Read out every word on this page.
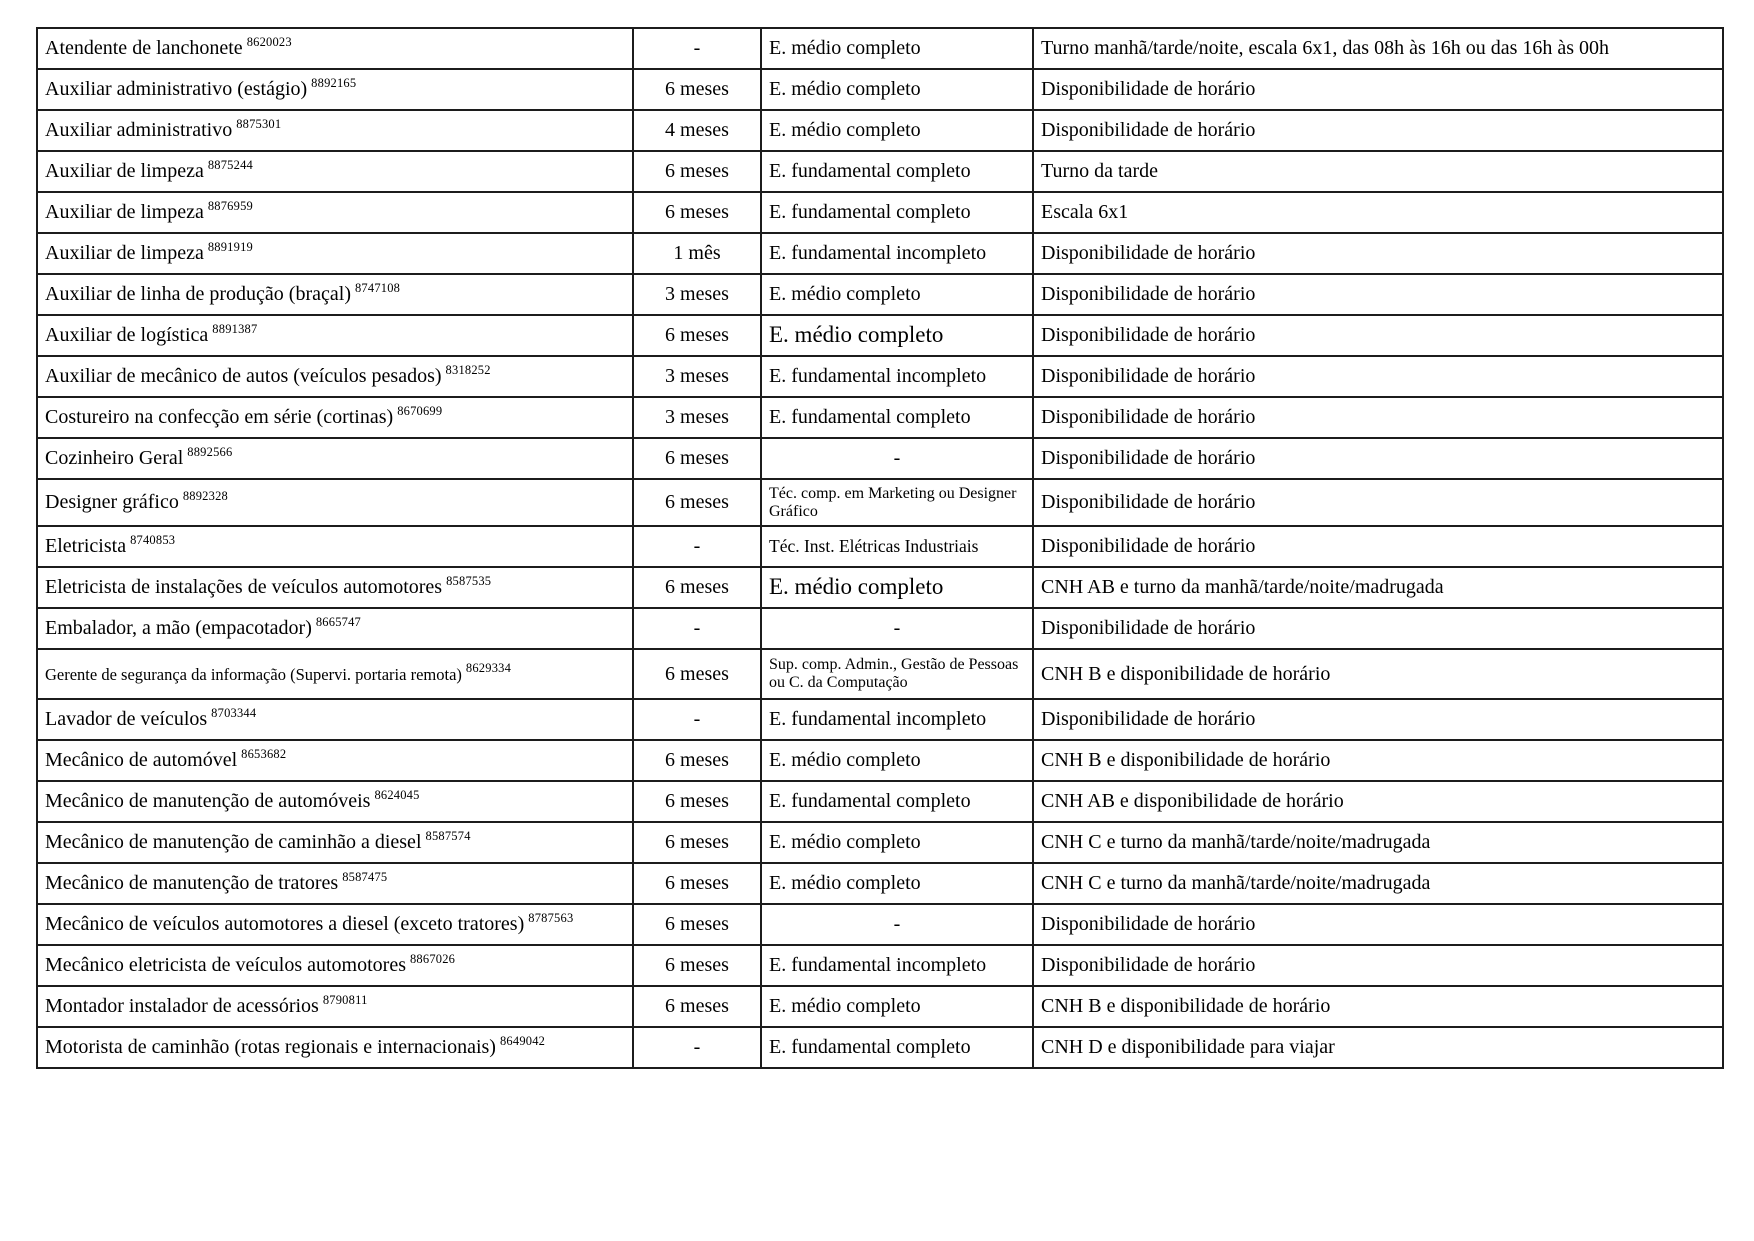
Atendente de lanchonete $^{8620023}$	-	E. médio completo	Turno manhã/tarde/noite, escala 6x1, das 08h às 16h ou das 16h às 00h
Auxiliar administrativo (estágio) $^{8892165}$	6 meses	E. médio completo	Disponibilidade de horário
Auxiliar administrativo $^{8875301}$	4 meses	E. médio completo	Disponibilidade de horário
Auxiliar de limpeza $^{8875244}$	6 meses	E. fundamental completo	Turno da tarde
Auxiliar de limpeza $^{8876959}$	6 meses	E. fundamental completo	Escala 6x1
Auxiliar de limpeza $^{8891919}$	1 mês	E. fundamental incompleto	Disponibilidade de horário
Auxiliar de linha de produção (braçal) $^{8747108}$	3 meses	E. médio completo	Disponibilidade de horário
Auxiliar de logística $^{8891387}$	6 meses	E. médio completo	Disponibilidade de horário
Auxiliar de mecânico de autos (veículos pesados) $^{8318252}$	3 meses	E. fundamental incompleto	Disponibilidade de horário
Costureiro na confecção em série (cortinas) $^{8670699}$	3 meses	E. fundamental completo	Disponibilidade de horário
Cozinheiro Geral $^{8892566}$	6 meses	-	Disponibilidade de horário
Designer gráfico $^{8892328}$	6 meses	Téc. comp. em Marketing ou Designer Gráfico	Disponibilidade de horário
Eletricista $^{8740853}$	-	Téc. Inst. Elétricas Industriais	Disponibilidade de horário
Eletricista de instalações de veículos automotores $^{8587535}$	6 meses	E. médio completo	CNH AB e turno da manhã/tarde/noite/madrugada
Embalador, a mão (empacotador) $^{8665747}$	-	-	Disponibilidade de horário
Gerente de segurança da informação (Supervi. portaria remota) $^{8629334}$	6 meses	Sup. comp. Admin., Gestão de Pessoas ou C. da Computação	CNH B e disponibilidade de horário
Lavador de veículos $^{8703344}$	-	E. fundamental incompleto	Disponibilidade de horário
Mecânico de automóvel $^{8653682}$	6 meses	E. médio completo	CNH B e disponibilidade de horário
Mecânico de manutenção de automóveis $^{8624045}$	6 meses	E. fundamental completo	CNH AB e disponibilidade de horário
Mecânico de manutenção de caminhão a diesel $^{8587574}$	6 meses	E. médio completo	CNH C e turno da manhã/tarde/noite/madrugada
Mecânico de manutenção de tratores $^{8587475}$	6 meses	E. médio completo	CNH C e turno da manhã/tarde/noite/madrugada
Mecânico de veículos automotores a diesel (exceto tratores) $^{8787563}$	6 meses	-	Disponibilidade de horário
Mecânico eletricista de veículos automotores $^{8867026}$	6 meses	E. fundamental incompleto	Disponibilidade de horário
Montador instalador de acessórios $^{8790811}$	6 meses	E. médio completo	CNH B e disponibilidade de horário
Motorista de caminhão (rotas regionais e internacionais) $^{8649042}$	-	E. fundamental completo	CNH D e disponibilidade para viajar
